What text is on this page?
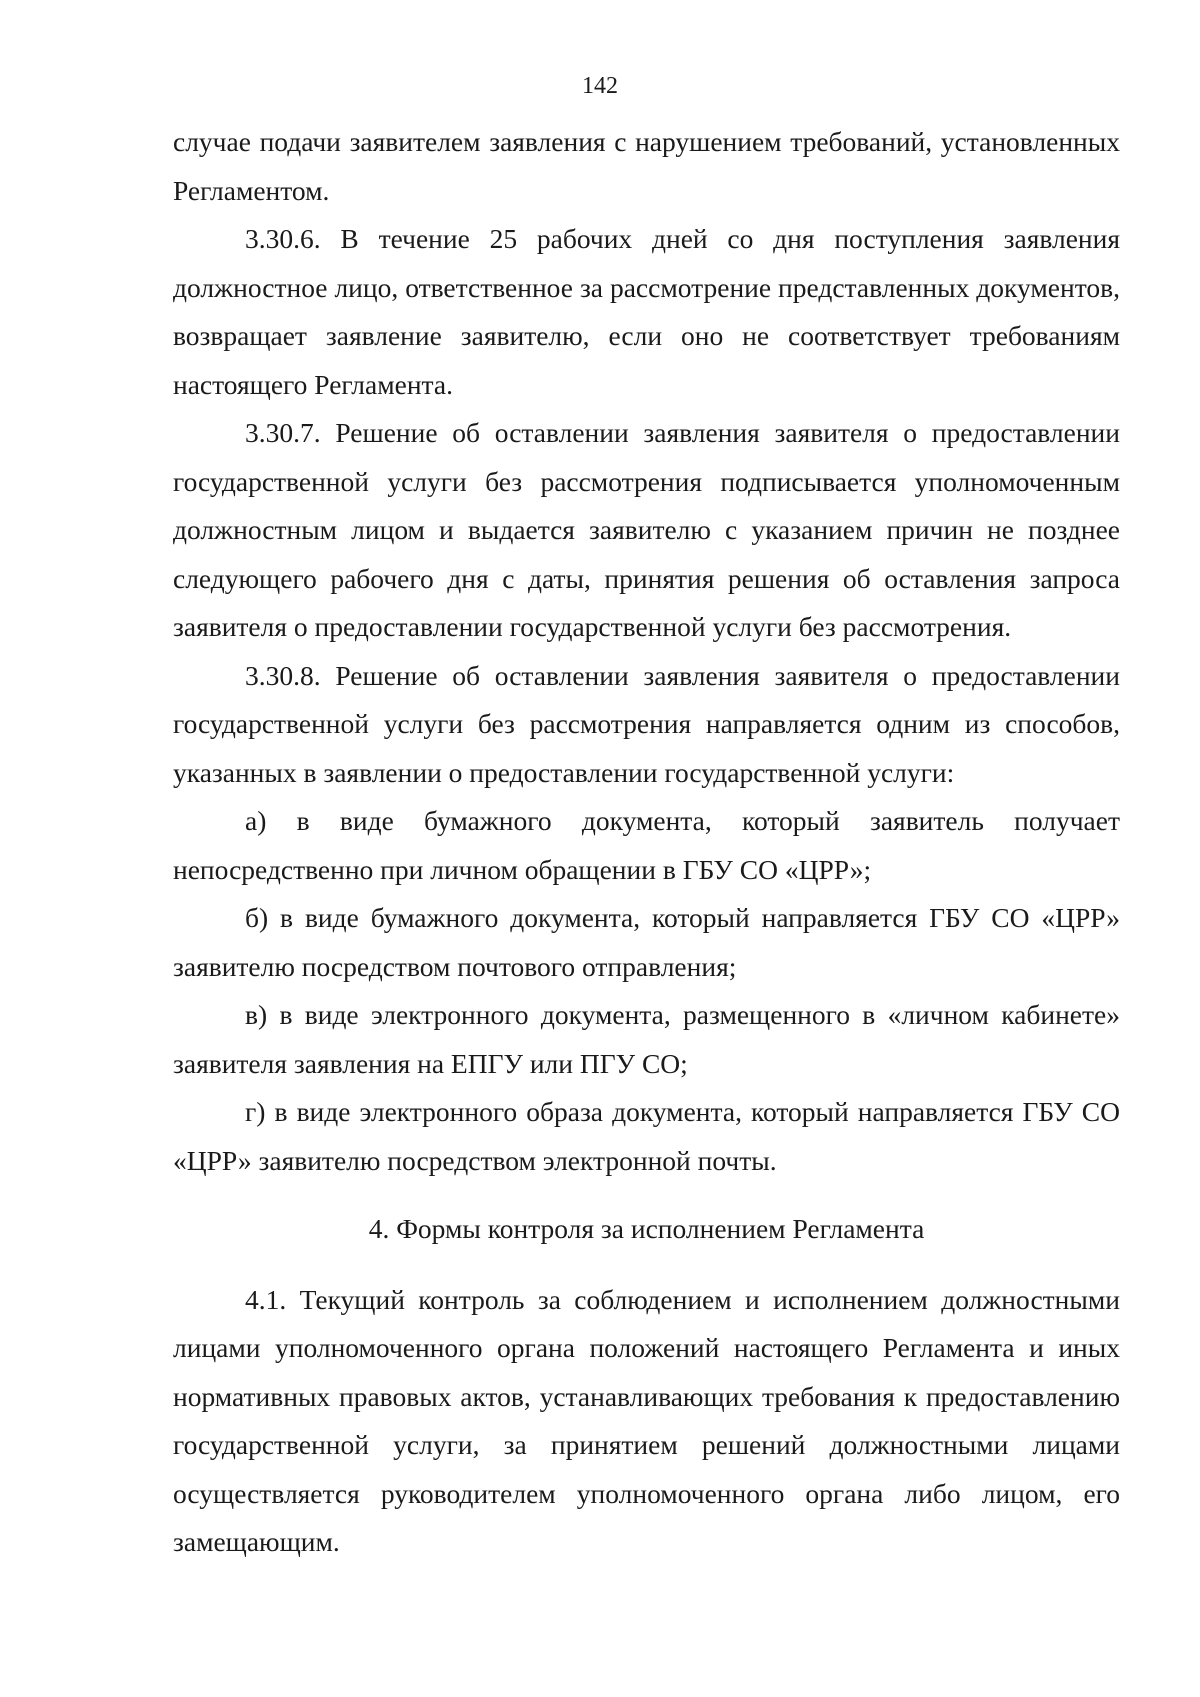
142

случае подачи заявителем заявления с нарушением требований, установленных Регламентом.

3.30.6. В течение 25 рабочих дней со дня поступления заявления должностное лицо, ответственное за рассмотрение представленных документов, возвращает заявление заявителю, если оно не соответствует требованиям настоящего Регламента.

3.30.7. Решение об оставлении заявления заявителя о предоставлении государственной услуги без рассмотрения подписывается уполномоченным должностным лицом и выдается заявителю с указанием причин не позднее следующего рабочего дня с даты, принятия решения об оставления запроса заявителя о предоставлении государственной услуги без рассмотрения.

3.30.8. Решение об оставлении заявления заявителя о предоставлении государственной услуги без рассмотрения направляется одним из способов, указанных в заявлении о предоставлении государственной услуги:

а) в виде бумажного документа, который заявитель получает непосредственно при личном обращении в ГБУ СО «ЦРР»;

б) в виде бумажного документа, который направляется ГБУ СО «ЦРР» заявителю посредством почтового отправления;

в) в виде электронного документа, размещенного в «личном кабинете» заявителя заявления на ЕПГУ или ПГУ СО;

г) в виде электронного образа документа, который направляется ГБУ СО «ЦРР» заявителю посредством электронной почты.

4. Формы контроля за исполнением Регламента

4.1. Текущий контроль за соблюдением и исполнением должностными лицами уполномоченного органа положений настоящего Регламента и иных нормативных правовых актов, устанавливающих требования к предоставлению государственной услуги, за принятием решений должностными лицами осуществляется руководителем уполномоченного органа либо лицом, его замещающим.
